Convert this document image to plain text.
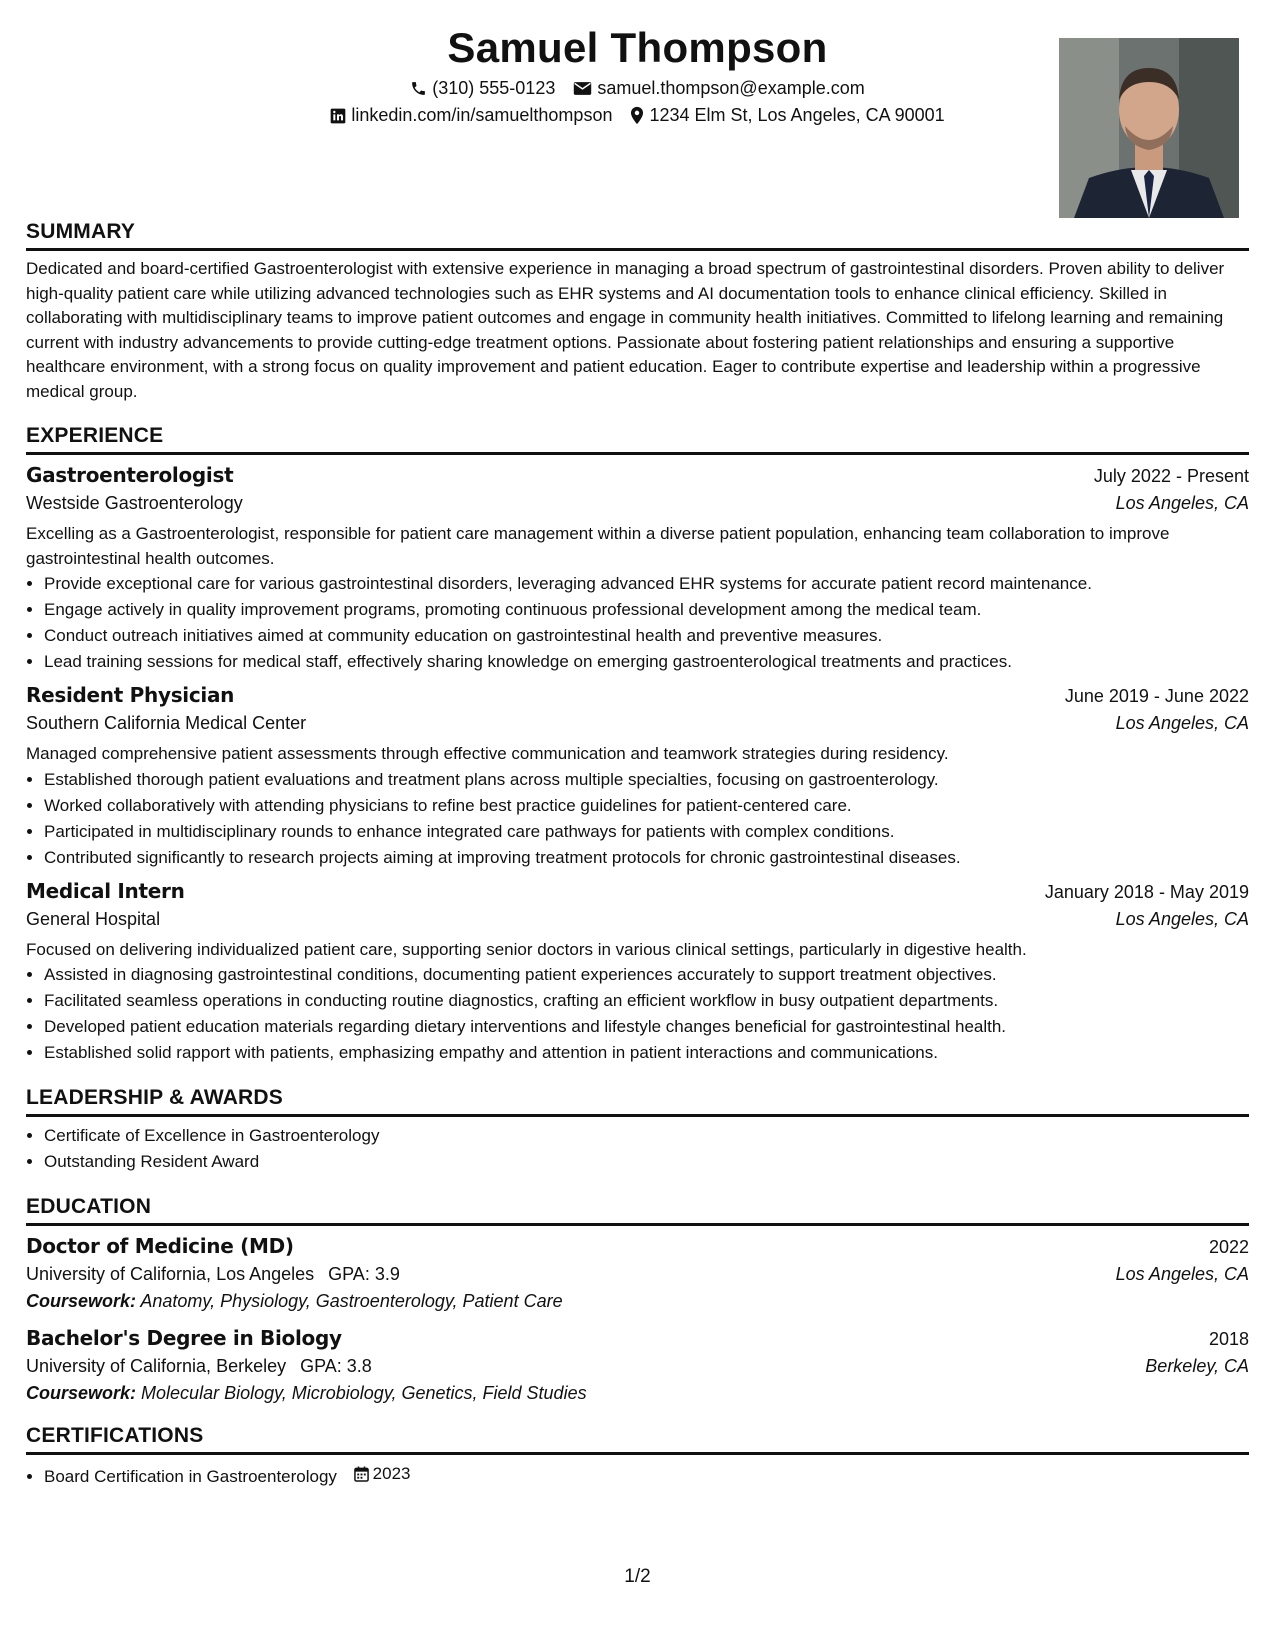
Samuel Thompson
(310) 555-0123 samuel.thompson@example.com
linkedin.com/in/samuelthompson 1234 Elm St, Los Angeles, CA 90001
SUMMARY
Dedicated and board-certified Gastroenterologist with extensive experience in managing a broad spectrum of gastrointestinal disorders. Proven ability to deliver high-quality patient care while utilizing advanced technologies such as EHR systems and AI documentation tools to enhance clinical efficiency. Skilled in collaborating with multidisciplinary teams to improve patient outcomes and engage in community health initiatives. Committed to lifelong learning and remaining current with industry advancements to provide cutting-edge treatment options. Passionate about fostering patient relationships and ensuring a supportive healthcare environment, with a strong focus on quality improvement and patient education. Eager to contribute expertise and leadership within a progressive medical group.
EXPERIENCE
Gastroenterologist	July 2022 - Present
Westside Gastroenterology	Los Angeles, CA
Excelling as a Gastroenterologist, responsible for patient care management within a diverse patient population, enhancing team collaboration to improve gastrointestinal health outcomes.
• Provide exceptional care for various gastrointestinal disorders, leveraging advanced EHR systems for accurate patient record maintenance.
• Engage actively in quality improvement programs, promoting continuous professional development among the medical team.
• Conduct outreach initiatives aimed at community education on gastrointestinal health and preventive measures.
• Lead training sessions for medical staff, effectively sharing knowledge on emerging gastroenterological treatments and practices.
Resident Physician	June 2019 - June 2022
Southern California Medical Center	Los Angeles, CA
Managed comprehensive patient assessments through effective communication and teamwork strategies during residency.
• Established thorough patient evaluations and treatment plans across multiple specialties, focusing on gastroenterology.
• Worked collaboratively with attending physicians to refine best practice guidelines for patient-centered care.
• Participated in multidisciplinary rounds to enhance integrated care pathways for patients with complex conditions.
• Contributed significantly to research projects aiming at improving treatment protocols for chronic gastrointestinal diseases.
Medical Intern	January 2018 - May 2019
General Hospital	Los Angeles, CA
Focused on delivering individualized patient care, supporting senior doctors in various clinical settings, particularly in digestive health.
• Assisted in diagnosing gastrointestinal conditions, documenting patient experiences accurately to support treatment objectives.
• Facilitated seamless operations in conducting routine diagnostics, crafting an efficient workflow in busy outpatient departments.
• Developed patient education materials regarding dietary interventions and lifestyle changes beneficial for gastrointestinal health.
• Established solid rapport with patients, emphasizing empathy and attention in patient interactions and communications.
LEADERSHIP & AWARDS
• Certificate of Excellence in Gastroenterology
• Outstanding Resident Award
EDUCATION
Doctor of Medicine (MD)	2022
University of California, Los Angeles GPA: 3.9	Los Angeles, CA
Coursework: Anatomy, Physiology, Gastroenterology, Patient Care
Bachelor's Degree in Biology	2018
University of California, Berkeley GPA: 3.8	Berkeley, CA
Coursework: Molecular Biology, Microbiology, Genetics, Field Studies
CERTIFICATIONS
• Board Certification in Gastroenterology 2023
1/2
